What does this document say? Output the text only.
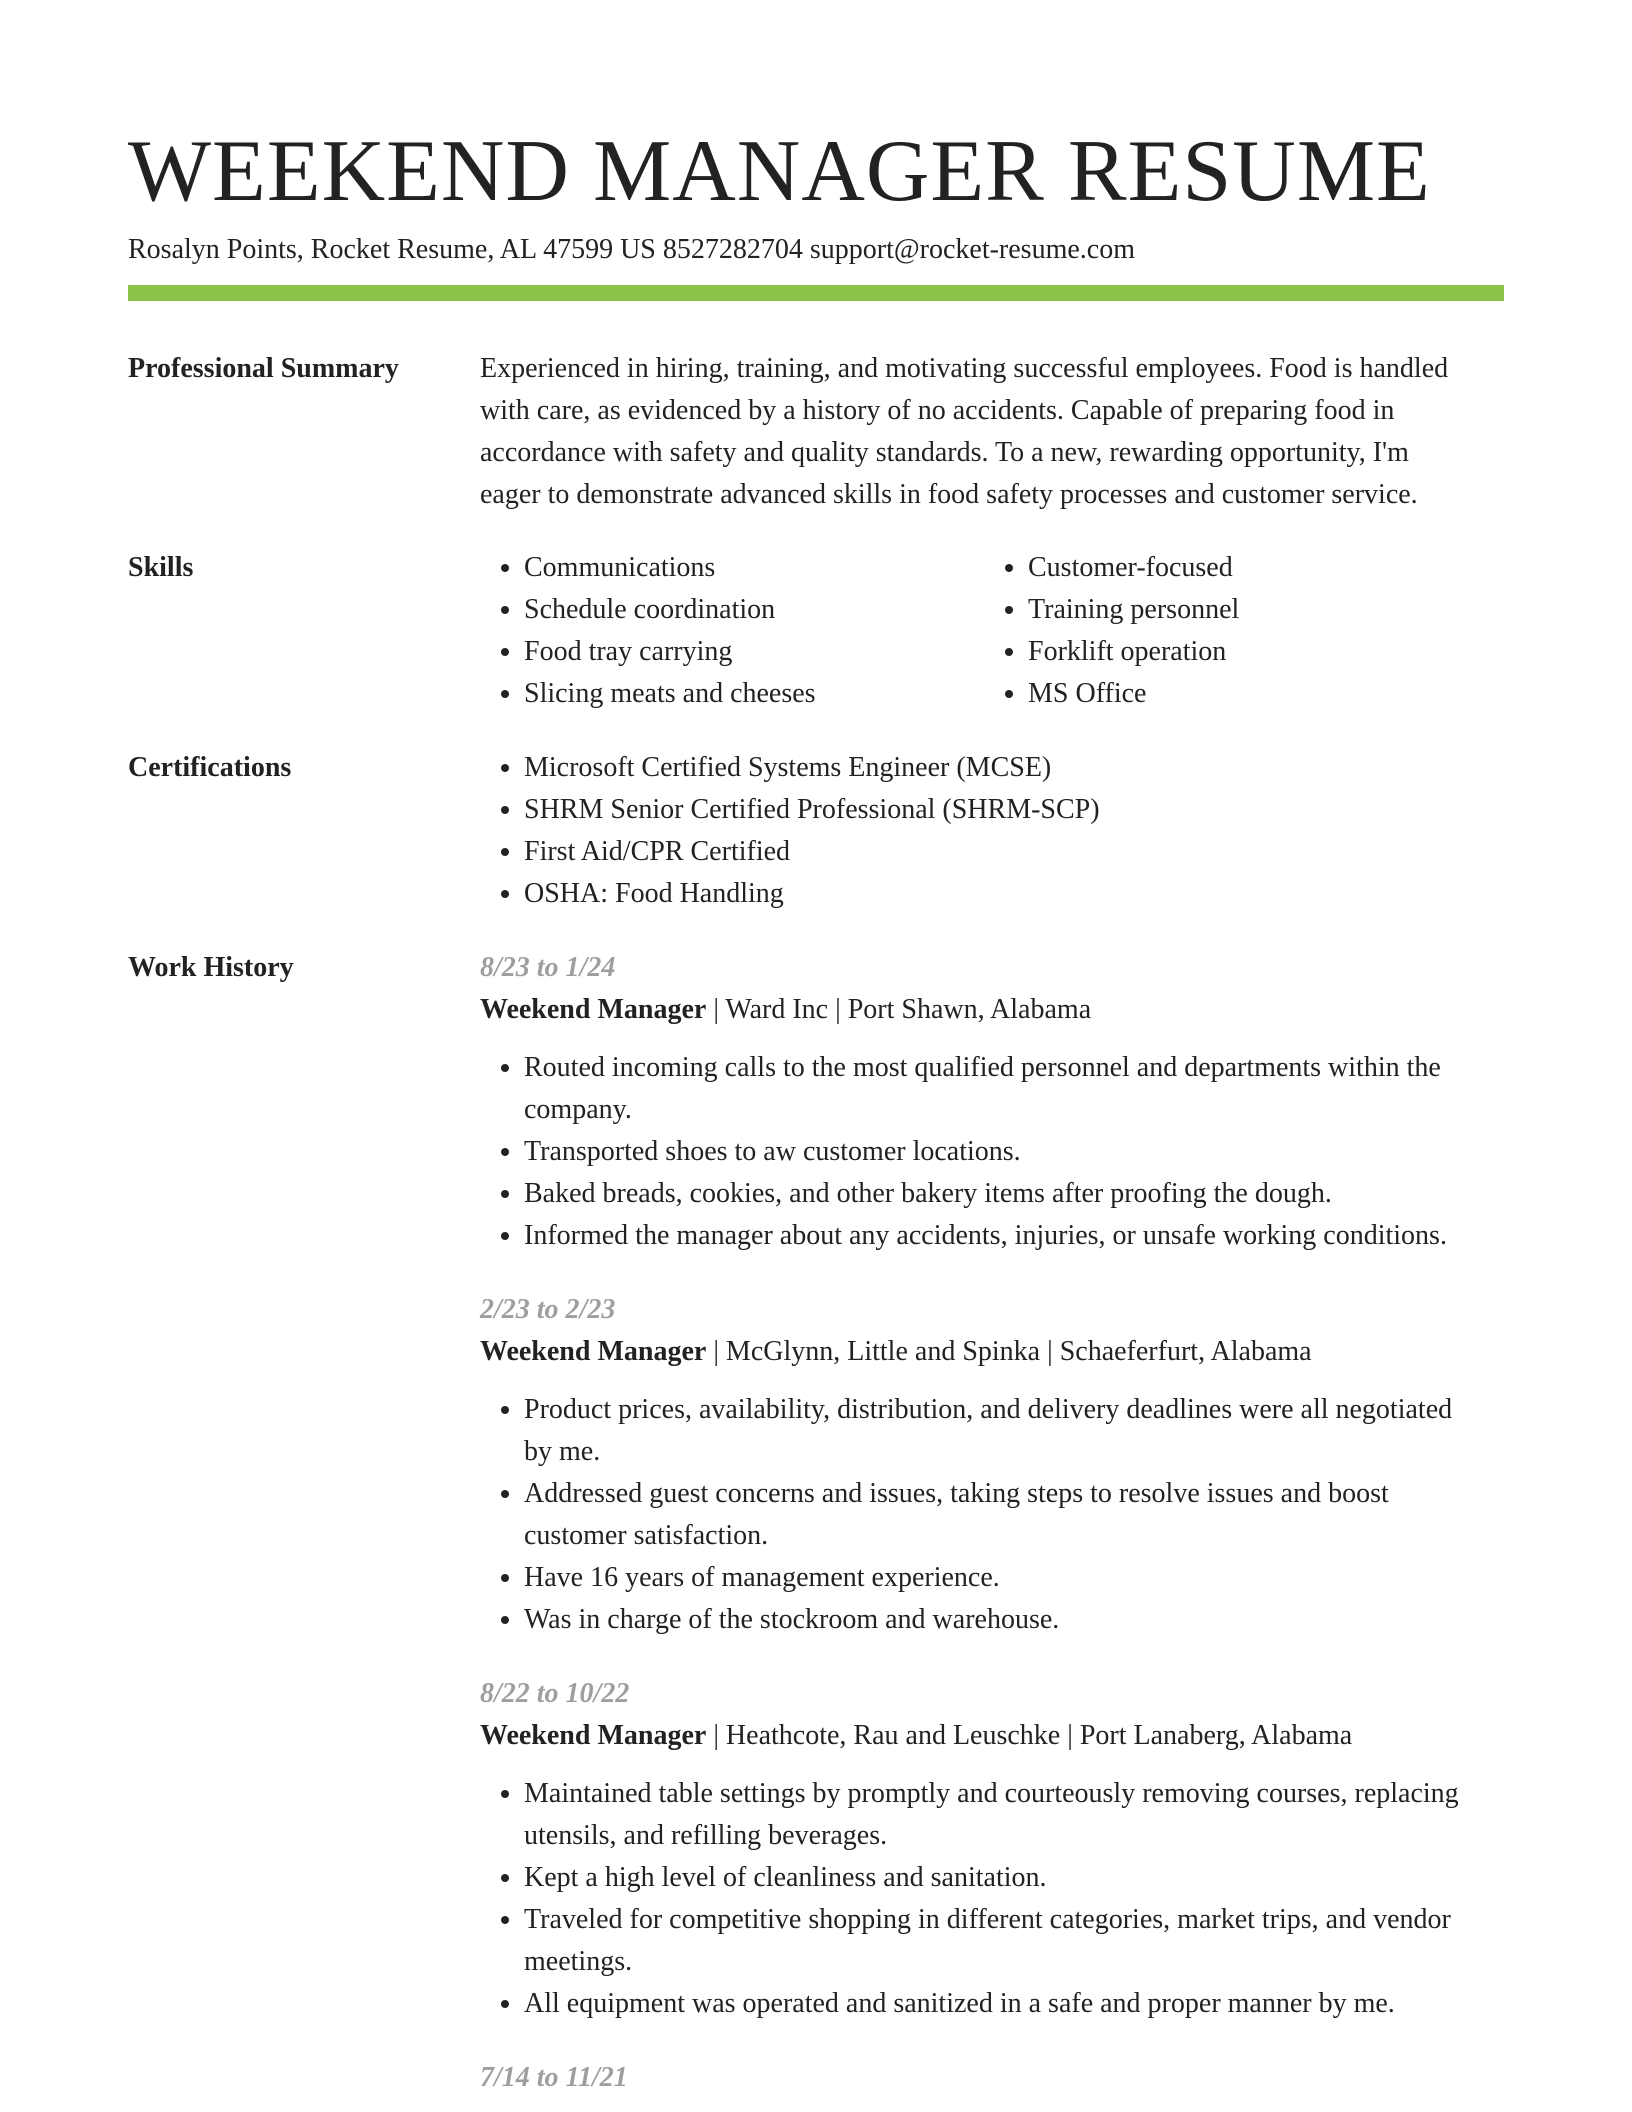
WEEKEND MANAGER RESUME
Rosalyn Points, Rocket Resume, AL 47599 US 8527282704 support@rocket-resume.com
Professional Summary	Experienced in hiring, training, and motivating successful employees. Food is handled
with care, as evidenced by a history of no accidents. Capable of preparing food in
accordance with safety and quality standards. To a new, rewarding opportunity, I'm
eager to demonstrate advanced skills in food safety processes and customer service.
Skills	• Communications
• Schedule coordination
• Food tray carrying
• Slicing meats and cheeses
• Customer-focused
• Training personnel
• Forklift operation
• MS Office
Certifications	• Microsoft Certified Systems Engineer (MCSE)
• SHRM Senior Certified Professional (SHRM-SCP)
• First Aid/CPR Certified
• OSHA: Food Handling
Work History	8/23 to 1/24
Weekend Manager | Ward Inc | Port Shawn, Alabama
• Routed incoming calls to the most qualified personnel and departments within the
company.
• Transported shoes to aw customer locations.
• Baked breads, cookies, and other bakery items after proofing the dough.
• Informed the manager about any accidents, injuries, or unsafe working conditions.
2/23 to 2/23
Weekend Manager | McGlynn, Little and Spinka | Schaeferfurt, Alabama
• Product prices, availability, distribution, and delivery deadlines were all negotiated
by me.
• Addressed guest concerns and issues, taking steps to resolve issues and boost
customer satisfaction.
• Have 16 years of management experience.
• Was in charge of the stockroom and warehouse.
8/22 to 10/22
Weekend Manager | Heathcote, Rau and Leuschke | Port Lanaberg, Alabama
• Maintained table settings by promptly and courteously removing courses, replacing
utensils, and refilling beverages.
• Kept a high level of cleanliness and sanitation.
• Traveled for competitive shopping in different categories, market trips, and vendor
meetings.
• All equipment was operated and sanitized in a safe and proper manner by me.
7/14 to 11/21
